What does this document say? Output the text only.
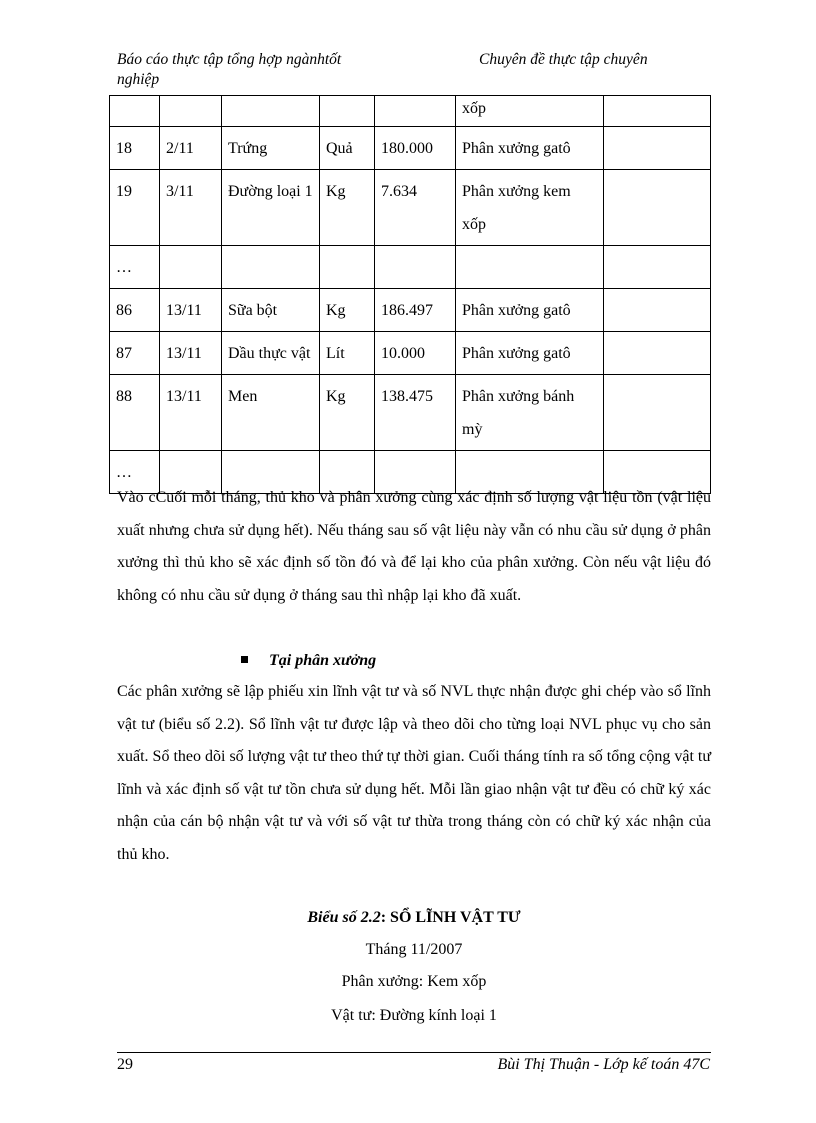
Báo cáo thực tập tổng hợp ngànhtốt nghiệp
Chuyên đề thực tập chuyên
					xốp	
18	2/11	Trứng	Quả	180.000	Phân xưởng gatô	
19	3/11	Đường loại 1	Kg	7.634	Phân xưởng kem xốp	
…						
86	13/11	Sữa bột	Kg	186.497	Phân xưởng gatô	
87	13/11	Dầu thực vật	Lít	10.000	Phân xưởng gatô	
88	13/11	Men	Kg	138.475	Phân xưởng bánh mỳ	
…						
Vào cCuối mỗi tháng, thủ kho và phân xưởng cùng xác định số lượng vật liệu tồn (vật liệu xuất nhưng chưa sử dụng hết). Nếu tháng sau số vật liệu này vẫn có nhu cầu sử dụng ở phân xưởng thì thủ kho sẽ xác định số tồn đó và để lại kho của phân xưởng. Còn nếu vật liệu đó không có nhu cầu sử dụng ở tháng sau thì nhập lại kho đã xuất.
Tại phân xưởng
Các phân xưởng sẽ lập phiếu xin lĩnh vật tư và số NVL thực nhận được ghi chép vào sổ lĩnh vật tư (biểu số 2.2). Sổ lĩnh vật tư được lập và theo dõi cho từng loại NVL phục vụ cho sản xuất. Sổ theo dõi số lượng vật tư theo thứ tự thời gian. Cuối tháng tính ra số tổng cộng vật tư lĩnh và xác định số vật tư tồn chưa sử dụng hết. Mỗi lần giao nhận vật tư đều có chữ ký xác nhận của cán bộ nhận vật tư và với số vật tư thừa trong tháng còn có chữ ký xác nhận của thủ kho.
Biểu số 2.2: SỔ LĨNH VẬT TƯ
Tháng 11/2007
Phân xưởng: Kem xốp
Vật tư: Đường kính loại 1
29	Bùi Thị Thuận - Lớp kế toán 47C
